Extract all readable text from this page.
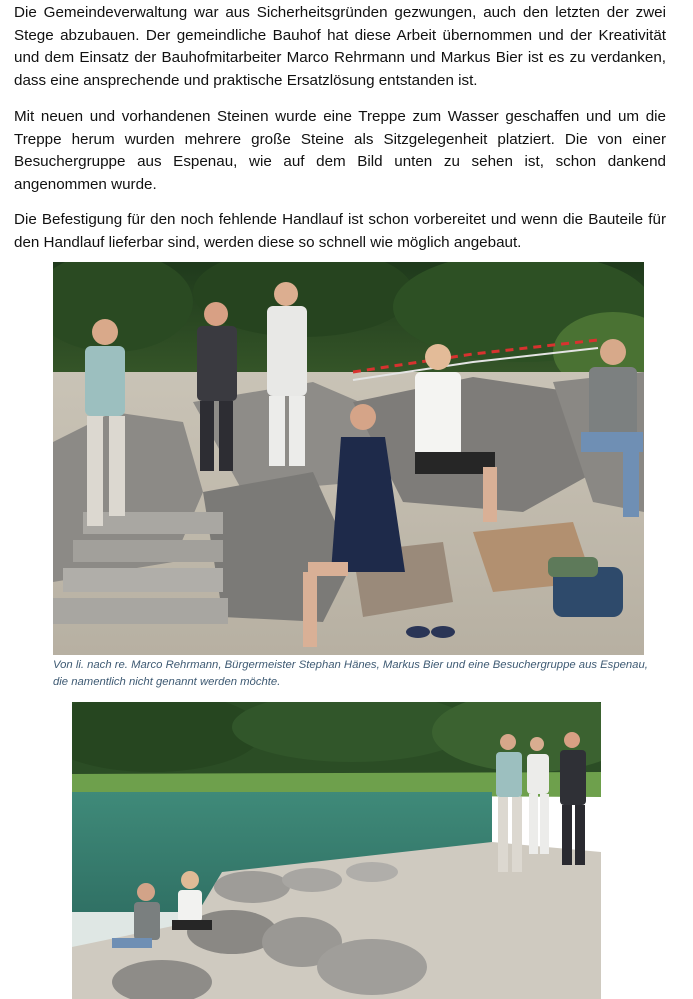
Die Gemeindeverwaltung war aus Sicherheitsgründen gezwungen, auch den letzten der zwei Stege abzubauen. Der gemeindliche Bauhof hat diese Arbeit übernommen und der Kreativität und dem Einsatz der Bauhofmitarbeiter Marco Rehrmann und Markus Bier ist es zu verdanken, dass eine ansprechende und praktische Ersatzlösung entstanden ist.

Mit neuen und vorhandenen Steinen wurde eine Treppe zum Wasser geschaffen und um die Treppe herum wurden mehrere große Steine als Sitzgelegenheit platziert. Die von einer Besuchergruppe aus Espenau, wie auf dem Bild unten zu sehen ist, schon dankend angenommen wurde.

Die Befestigung für den noch fehlende Handlauf ist schon vorbereitet und wenn die Bauteile für den Handlauf lieferbar sind, werden diese so schnell wie möglich angebaut.

Von li. nach re. Marco Rehrmann, Bürgermeister Stephan Hänes, Markus Bier und eine Besuchergruppe aus Espenau, die namentlich nicht genannt werden möchte.
